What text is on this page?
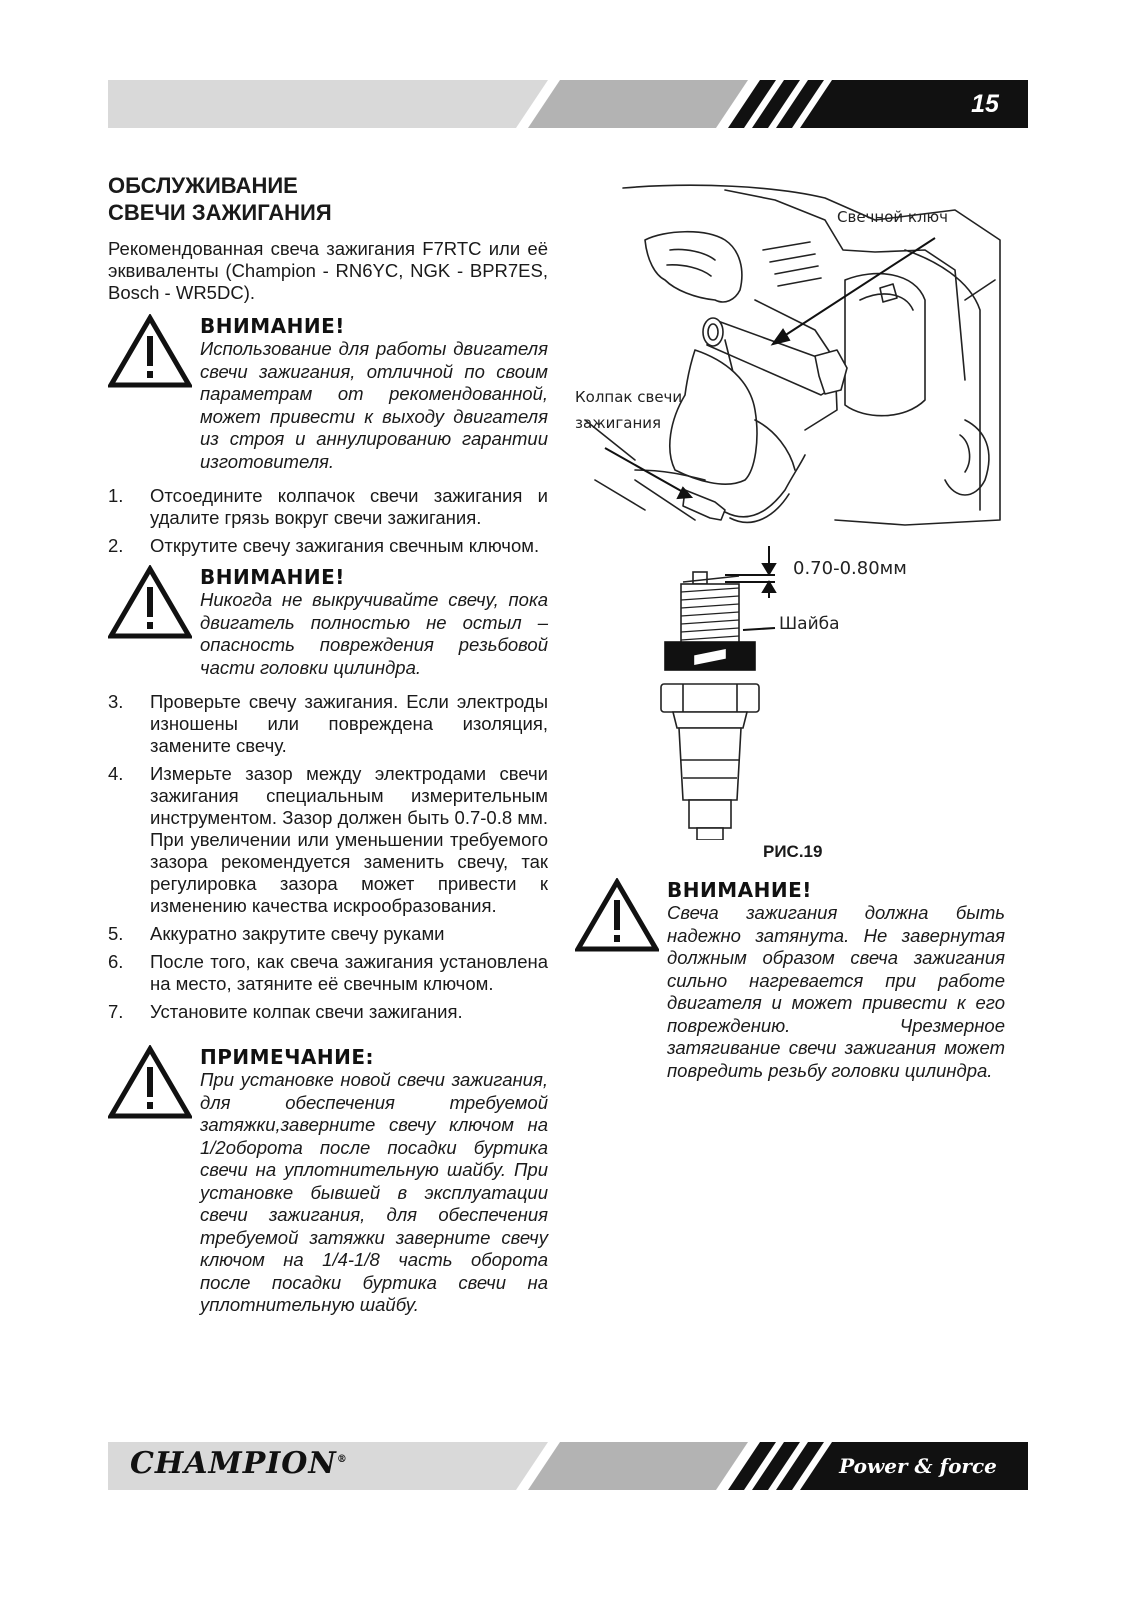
15
ОБСЛУЖИВАНИЕ
СВЕЧИ ЗАЖИГАНИЯ

Рекомендованная свеча зажигания F7RTC или её эквиваленты (Champion - RN6YC, NGK - BPR7ES, Bosch - WR5DC).

ВНИМАНИЕ!

Использование для работы двигателя свечи зажигания, отличной по своим параметрам от рекомендованной, может привести к выходу двигателя из строя и аннулированию гарантии изготовителя.

1.	Отсоедините колпачок свечи зажигания и удалите грязь вокруг свечи зажигания.
2.	Открутите свечу зажигания свечным ключом.
ВНИМАНИЕ!

Никогда не выкручивайте свечу, пока двигатель полностью не остыл – опасность повреждения резьбовой части головки цилиндра.

3.	Проверьте свечу зажигания. Если электроды изношены или повреждена изоляция, замените свечу.
4.	Измерьте зазор между электродами свечи зажигания специальным измерительным инструментом. Зазор должен быть 0.7-0.8 мм. При увеличении или уменьшении требуемого зазора рекомендуется заменить свечу, так регулировка зазора может привести к изменению качества искрообразования.
5.	Аккуратно закрутите свечу руками
6.	После того, как свеча зажигания установлена на место, затяните её свечным ключом.
7.	Установите колпак свечи зажигания.
ПРИМЕЧАНИЕ:

При установке новой свечи зажигания, для обеспечения требуемой затяжки,заверните свечу ключом на 1/2оборота после посадки буртика свечи на уплотнительную шайбу. При установке бывшей в эксплуатации свечи зажигания, для обеспечения требуемой затяжки заверните свечу ключом на 1/4-1/8 часть оборота после посадки буртика свечи на уплотнительную шайбу.

Свечной ключ
Колпак свечи
зажигания
0.70-0.80мм
Шайба
РИС.19
ВНИМАНИЕ!

Свеча зажигания должна быть надежно затянута. Не завернутая должным образом свеча зажигания сильно нагревается при работе двигателя и может привести к его повреждению. Чрезмерное затягивание свечи зажигания может повредить резьбу головки цилиндра.

CHAMPION®	Power & force
